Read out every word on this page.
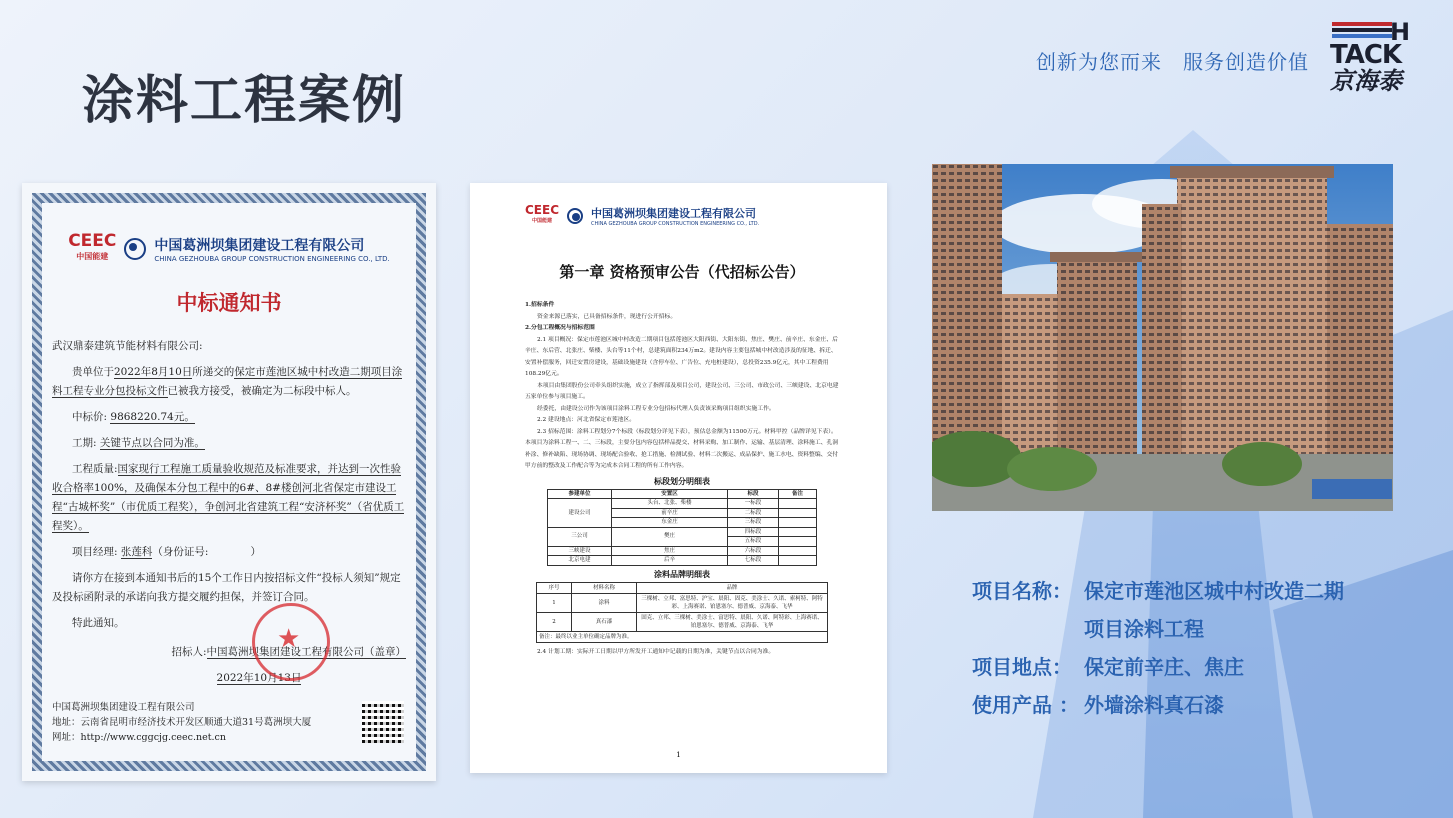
涂料工程案例
创新为您而来　服务创造价值
H
TACK
京海泰
CEEC
中国能建
中国葛洲坝集团建设工程有限公司
CHINA GEZHOUBA GROUP CONSTRUCTION ENGINEERING CO., LTD.
中标通知书

武汉鼎泰建筑节能材料有限公司:

贵单位于2022年8月10日所递交的保定市莲池区城中村改造二期项目涂料工程专业分包投标文件已被我方接受，被确定为二标段中标人。

中标价: 9868220.74元。

工期: 关键节点以合同为准。

工程质量:国家现行工程施工质量验收规范及标准要求，并达到一次性验收合格率100%，及确保本分包工程中的6#、8#楼创河北省保定市建设工程“古城杯奖”（市优质工程奖），争创河北省建筑工程“安济杯奖”（省优质工程奖）。

项目经理: 张莲科（身份证号:　　　　	）

请你方在接到本通知书后的15个工作日内按招标文件“投标人须知”规定及投标函附录的承诺向我方提交履约担保，并签订合同。

特此通知。

招标人:中国葛洲坝集团建设工程有限公司（盖章）

2022年10月13日

★
中国葛洲坝集团建设工程有限公司
地址：云南省昆明市经济技术开发区顺通大道31号葛洲坝大厦
网址：http://www.cggcjg.ceec.net.cn
CEEC
中国能建
中国葛洲坝集团建设工程有限公司
CHINA GEZHOUBA GROUP CONSTRUCTION ENGINEERING CO., LTD.
第一章 资格预审公告（代招标公告）

1.招标条件

资金来源已落实，已具备招标条件，现进行公开招标。

2.分包工程概况与招标范围

2.1 项目概况：保定市莲池区城中村改造二期项目包括莲池区大阳西街、大阳东街、焦庄、樊庄、前辛庄、东金庄、后辛庄、东后营、北张庄、柴楼、头台等11个村，总建筑面积234万m2。建设内容主要包括城中村改造涉及的征地、拆迁、安置补偿服务，回迁安置房建设，基础设施建设（含停车位、广告位、充电桩建设），总投资235.9亿元，其中工程费用108.29亿元。

本项目由集团股份公司牵头组织实施，成立了指挥部及项目公司，建设公司、三公司、市政公司、三峡建设、北京电建五家单位参与项目施工。

经委托，由建设公司作为该项目涂料工程专业分包招标代理人负责该采购项目组织实施工作。

2.2 建设地点：河北省保定市莲池区。

2.3 招标范围：涂料工程划分7个标段（标段划分详见下表），预估总金额为11500万元。材料甲控（品牌详见下表）。本项目为涂料工程一、二、三标段，主要分包内容包括样品提交、材料采购、加工制作、运输、基层清理、涂料施工、孔洞补涂、修补缺陷、现场协调、现场配合验收、抢工措施、检测试验、材料二次搬运、成品保护、施工水电、资料整编、交付甲方前的整改及工作配合等为完成本合同工程的所有工作内容。

标段划分明细表
参建单位	安置区	标段	备注
建设公司	头台、北张、柴楼	一标段	
	前辛庄	二标段	
	东金庄	三标段	
三公司	樊庄	四标段	
		五标段	
三峡建设	焦庄	六标段	
北京电建	后辛	七标段	
涂料品牌明细表
序号	材料名称	品牌
1	涂料	三棵树、立邦、富思特、沪宝、晨阳、固克、美涂士、久诺、索柯特、阿特彩、上海赛诺、铂恩塞尔、德普威、京海泰、飞华
2	真石漆	固克、立邦、三棵树、美涂士、富思特、晨阳、久诺、阿特彩、上海赛诺、铂恩塞尔、德普威、京海泰、飞华
备注：最终以业主单位确定品牌为准。		

2.4 计划工期：实际开工日期以甲方所发开工通知中记载的日期为准，关键节点以合同为准。

1
项目名称： 保定市莲池区城中村改造二期
项目涂料工程
项目地点： 保定前辛庄、焦庄
使用产品 ： 外墙涂料真石漆
